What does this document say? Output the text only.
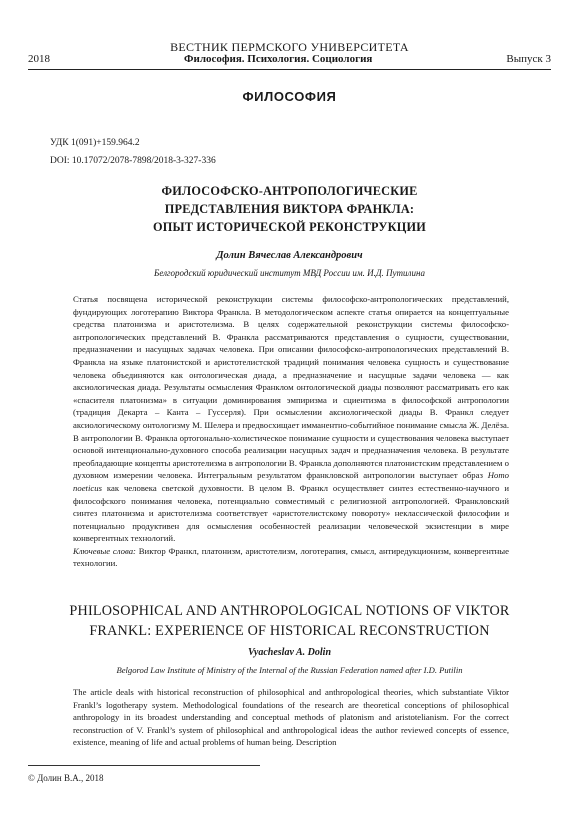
ВЕСТНИК ПЕРМСКОГО УНИВЕРСИТЕТА
2018	Философия. Психология. Социология	Выпуск 3
ФИЛОСОФИЯ
УДК 1(091)+159.964.2
DOI: 10.17072/2078-7898/2018-3-327-336
ФИЛОСОФСКО-АНТРОПОЛОГИЧЕСКИЕ
ПРЕДСТАВЛЕНИЯ ВИКТОРА ФРАНКЛА:
ОПЫТ ИСТОРИЧЕСКОЙ РЕКОНСТРУКЦИИ
Долин Вячеслав Александрович
Белгородский юридический институт МВД России им. И.Д. Путилина

Статья посвящена исторической реконструкции системы философско-антропологических представлений, фундирующих логотерапию Виктора Франкла. В методологическом аспекте статья опирается на концептуальные средства платонизма и аристотелизма. В целях содержательной реконструкции системы философско-антропологических представлений В. Франкла рассматриваются представления о сущности, существовании, предназначении и насущных задачах человека. При описании философско-антропологических представлений В. Франкла на языке платонистской и аристотелистской традиций понимания человека сущность и существование человека объединяются как онтологическая диада, а предназначение и насущные задачи человека — как аксиологическая диада. Результаты осмысления Франклом онтологической диады позволяют рассматривать его как «спасителя платонизма» в ситуации доминирования эмпиризма и сциентизма в философской антропологии (традиция Декарта – Канта – Гуссерля). При осмыслении аксиологической диады В. Франкл следует аксиологическому онтологизму М. Шелера и предвосхищает имманентно-событийное понимание смысла Ж. Делёза. В антропологии В. Франкла ортогонально-холистическое понимание сущности и существования человека выступает основой интенционально-духовного способа реализации насущных задач и предназначения человека. В результате преобладающие концепты аристотелизма в антропологии В. Франкла дополняются платонистским представлением о духовном измерении человека. Интегральным результатом франкловской антропологии выступает образ Homo noeticus как человека светской духовности. В целом В. Франкл осуществляет синтез естественно-научного и философского понимания человека, потенциально совместимый с религиозной антропологией. Франкловский синтез платонизма и аристотелизма соответствует «аристотелистскому повороту» неклассической философии и потенциально продуктивен для осмысления особенностей реализации человеческой экзистенции в мире конвергентных технологий.
Ключевые слова: Виктор Франкл, платонизм, аристотелизм, логотерапия, смысл, антиредукционизм, конвергентные технологии.

PHILOSOPHICAL AND ANTHROPOLOGICAL NOTIONS OF VIKTOR
FRANKL: EXPERIENCE OF HISTORICAL RECONSTRUCTION
Vyacheslav A. Dolin
Belgorod Law Institute of Ministry of the Internal of the Russian Federation named after I.D. Putilin

The article deals with historical reconstruction of philosophical and anthropological theories, which substantiate Viktor Frankl’s logotherapy system. Methodological foundations of the research are theoretical conceptions of philosophical anthropology in its broadest understanding and conceptual methods of platonism and aristotelianism. For the correct reconstruction of V. Frankl’s system of philosophical and anthropological ideas the author reviewed concepts of essence, existence, meaning of life and actual problems of human being. Description

© Долин В.А., 2018
